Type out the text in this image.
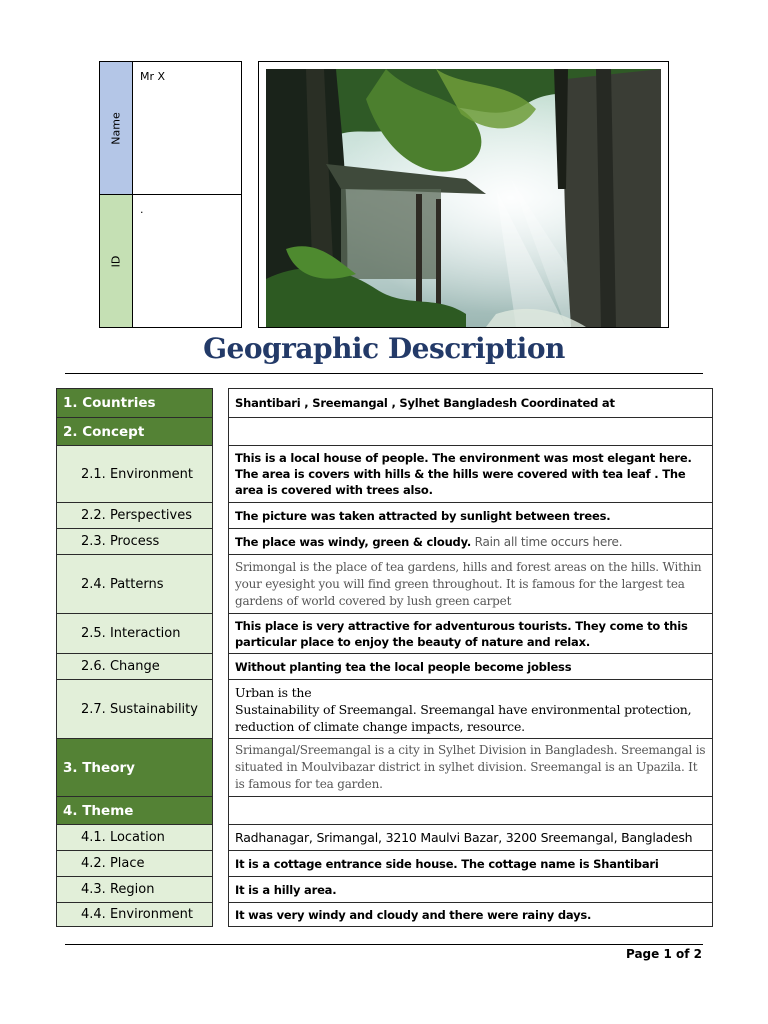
Name
Mr X
ID
.
Geographic Description
1. Countries
2. Concept
2.1. Environment
2.2. Perspectives
2.3. Process
2.4. Patterns
2.5. Interaction
2.6. Change
2.7. Sustainability
3. Theory
4. Theme
4.1. Location
4.2. Place
4.3. Region
4.4. Environment
Shantibari , Sreemangal , Sylhet Bangladesh Coordinated at
This is a local house of people. The environment was most elegant here. The area is covers with hills & the hills were covered with tea leaf . The area is covered with trees also.
The picture was taken attracted by sunlight between trees.
The place was windy, green & cloudy. Rain all time occurs here.
Srimongal is the place of tea gardens, hills and forest areas on the hills. Within your eyesight you will find green throughout. It is famous for the largest tea gardens of world covered by lush green carpet
This place is very attractive for adventurous tourists. They come to this particular place to enjoy the beauty of nature and relax.
Without planting tea the local people become jobless
Urban is the
Sustainability of Sreemangal. Sreemangal have environmental protection, reduction of climate change impacts, resource.
Srimangal/Sreemangal is a city in Sylhet Division in Bangladesh. Sreemangal is situated in Moulvibazar district in sylhet division. Sreemangal is an Upazila. It is famous for tea garden.
Radhanagar, Srimangal, 3210 Maulvi Bazar, 3200 Sreemangal, Bangladesh
It is a cottage entrance side house. The cottage name is Shantibari
It is a hilly area.
It was very windy and cloudy and there were rainy days.
Page 1 of 2
